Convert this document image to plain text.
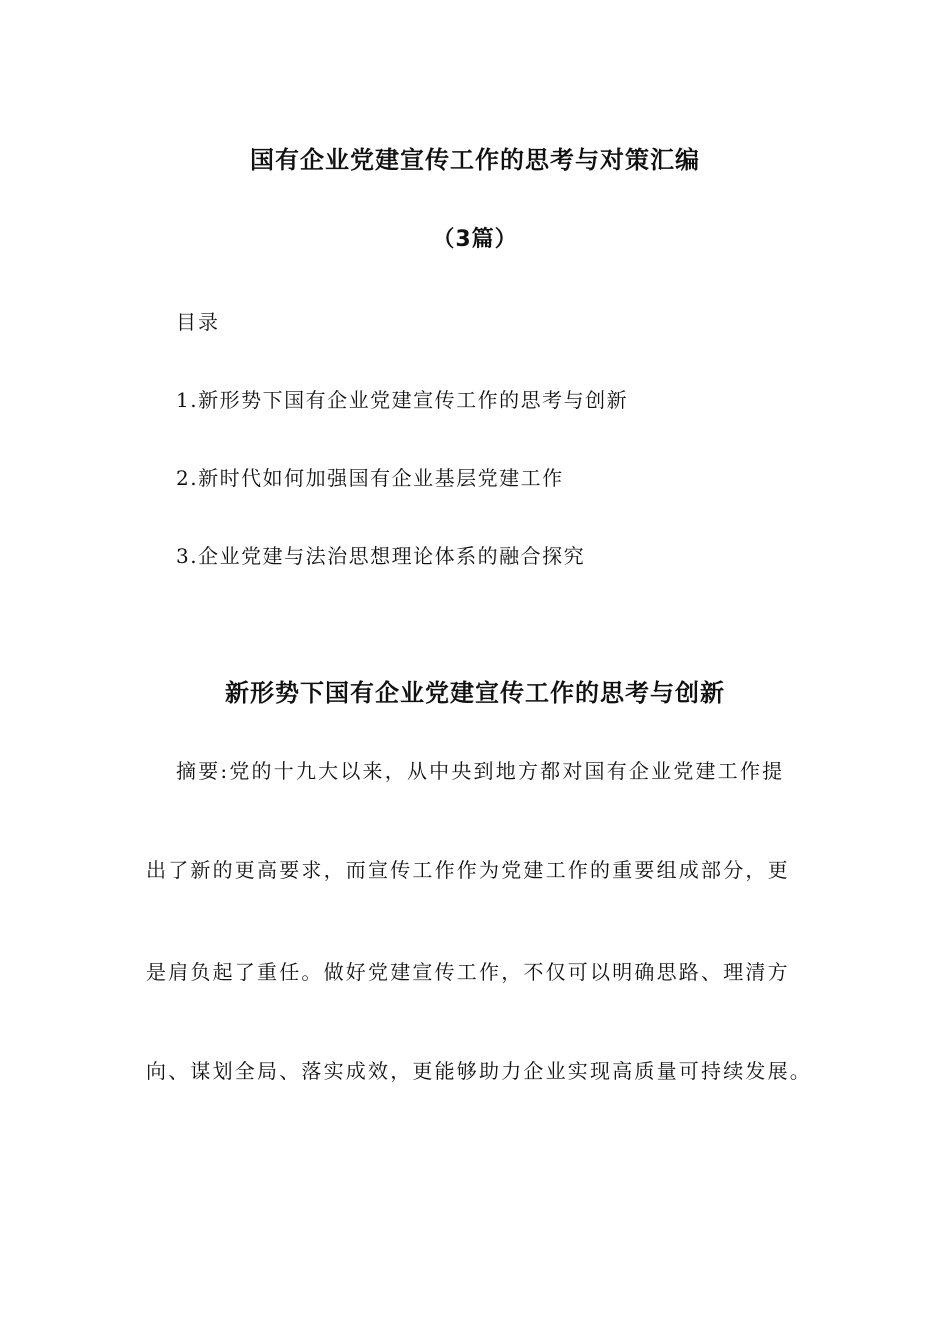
国有企业党建宣传工作的思考与对策汇编
（3篇）
目录
1.新形势下国有企业党建宣传工作的思考与创新
2.新时代如何加强国有企业基层党建工作
3.企业党建与法治思想理论体系的融合探究
新形势下国有企业党建宣传工作的思考与创新
摘要:党的十九大以来，从中央到地方都对国有企业党建工作提
出了新的更高要求，而宣传工作作为党建工作的重要组成部分，更
是肩负起了重任。做好党建宣传工作，不仅可以明确思路、理清方
向、谋划全局、落实成效，更能够助力企业实现高质量可持续发展。
